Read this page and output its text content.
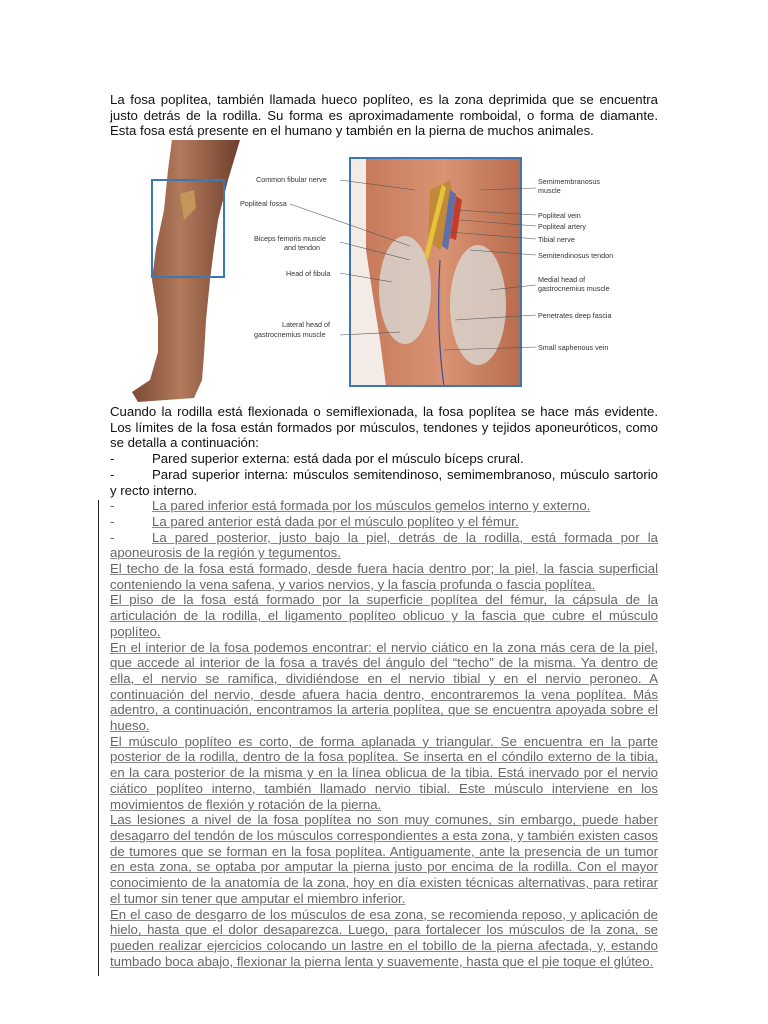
La fosa poplítea, también llamada hueco poplíteo, es la zona deprimida que se encuentra justo detrás de la rodilla. Su forma es aproximadamente romboidal, o forma de diamante. Esta fosa está presente en el humano y también en la pierna de muchos animales.

Common fibular nerve
Popliteal fossa
Biceps femoris muscle
and tendon
Head of fibula
Lateral head of
gastrocnemius muscle
Semimembranosus
muscle
Popliteal vein
Popliteal artery
Tibial nerve
Semitendinosus tendon
Medial head of
gastrocnemius muscle
Penetrates deep fascia
Small saphenous vein
Cuando la rodilla está flexionada o semiflexionada, la fosa poplítea se hace más evidente. Los límites de la fosa están formados por músculos, tendones y tejidos aponeuróticos, como se detalla a continuación:
-	Pared superior externa: está dada por el músculo bíceps crural.
-	Parad superior interna: músculos semitendinoso, semimembranoso, músculo sartorio y recto interno.
-	La pared inferior está formada por los músculos gemelos interno y externo.
-	La pared anterior está dada por el músculo poplíteo y el fémur.
-	La pared posterior, justo bajo la piel, detrás de la rodilla, está formada por la aponeurosis de la región y tegumentos.
El techo de la fosa está formado, desde fuera hacia dentro por; la piel, la fascia superficial conteniendo la vena safena, y varios nervios, y la fascia profunda o fascia poplítea.
El piso de la fosa está formado por la superficie poplítea del fémur, la cápsula de la articulación de la rodilla, el ligamento poplíteo oblicuo y la fascia que cubre el músculo poplíteo.
En el interior de la fosa podemos encontrar: el nervio ciático en la zona más cera de la piel, que accede al interior de la fosa a través del ángulo del “techo” de la misma. Ya dentro de ella, el nervio se ramifica, dividiéndose en el nervio tibial y en el nervio peroneo. A continuación del nervio, desde afuera hacia dentro, encontraremos la vena poplítea. Más adentro, a continuación, encontramos la arteria poplítea, que se encuentra apoyada sobre el hueso.
El músculo poplíteo es corto, de forma aplanada y triangular. Se encuentra en la parte posterior de la rodilla, dentro de la fosa poplítea. Se inserta en el cóndilo externo de la tibia, en la cara posterior de la misma y en la línea oblicua de la tibia. Está inervado por el nervio ciático poplíteo interno, también llamado nervio tibial. Este músculo interviene en los movimientos de flexión y rotación de la pierna.
Las lesiones a nivel de la fosa poplítea no son muy comunes, sin embargo, puede haber desagarro del tendón de los músculos correspondientes a esta zona, y también existen casos de tumores que se forman en la fosa poplítea. Antiguamente, ante la presencia de un tumor en esta zona, se optaba por amputar la pierna justo por encima de la rodilla. Con el mayor conocimiento de la anatomía de la zona, hoy en día existen técnicas alternativas, para retirar el tumor sin tener que amputar el miembro inferior.
En el caso de desgarro de los músculos de esa zona, se recomienda reposo, y aplicación de hielo, hasta que el dolor desaparezca. Luego, para fortalecer los músculos de la zona, se pueden realizar ejercicios colocando un lastre en el tobillo de la pierna afectada, y, estando tumbado boca abajo, flexionar la pierna lenta y suavemente, hasta que el pie toque el glúteo.
